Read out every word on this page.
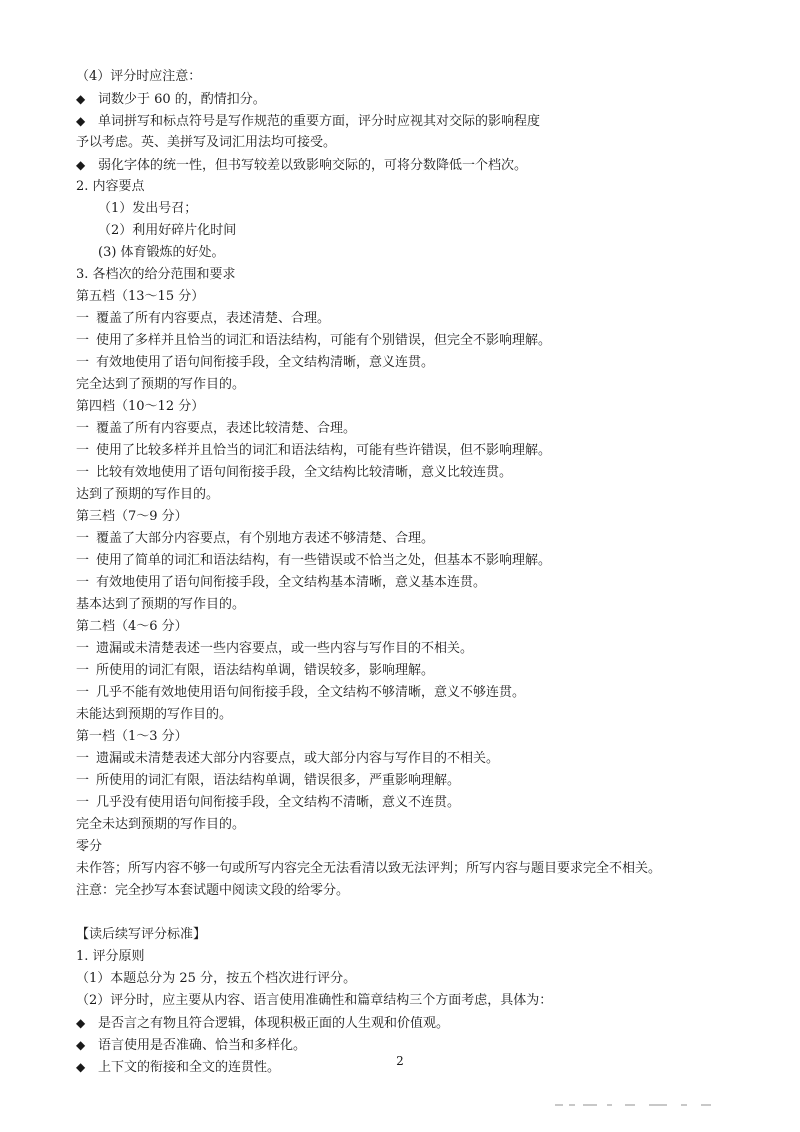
（4）评分时应注意：
◆ 词数少于 60 的，酌情扣分。
◆ 单词拼写和标点符号是写作规范的重要方面，评分时应视其对交际的影响程度
予以考虑。英、美拼写及词汇用法均可接受。
◆ 弱化字体的统一性，但书写较差以致影响交际的，可将分数降低一个档次。
2. 内容要点
（1）发出号召；
（2）利用好碎片化时间
(3) 体育锻炼的好处。
3. 各档次的给分范围和要求
第五档（13～15 分）
一 覆盖了所有内容要点，表述清楚、合理。
一 使用了多样并且恰当的词汇和语法结构，可能有个别错误，但完全不影响理解。
一 有效地使用了语句间衔接手段，全文结构清晰，意义连贯。
完全达到了预期的写作目的。
第四档（10～12 分）
一 覆盖了所有内容要点，表述比较清楚、合理。
一 使用了比较多样并且恰当的词汇和语法结构，可能有些许错误，但不影响理解。
一 比较有效地使用了语句间衔接手段，全文结构比较清晰，意义比较连贯。
达到了预期的写作目的。
第三档（7～9 分）
一 覆盖了大部分内容要点，有个别地方表述不够清楚、合理。
一 使用了简单的词汇和语法结构，有一些错误或不恰当之处，但基本不影响理解。
一 有效地使用了语句间衔接手段，全文结构基本清晰，意义基本连贯。
基本达到了预期的写作目的。
第二档（4～6 分）
一 遗漏或未清楚表述一些内容要点，或一些内容与写作目的不相关。
一 所使用的词汇有限，语法结构单调，错误较多，影响理解。
一 几乎不能有效地使用语句间衔接手段，全文结构不够清晰，意义不够连贯。
未能达到预期的写作目的。
第一档（1～3 分）
一 遗漏或未清楚表述大部分内容要点，或大部分内容与写作目的不相关。
一 所使用的词汇有限，语法结构单调，错误很多，严重影响理解。
一 几乎没有使用语句间衔接手段，全文结构不清晰，意义不连贯。
完全未达到预期的写作目的。
零分
未作答；所写内容不够一句或所写内容完全无法看清以致无法评判；所写内容与题目要求完全不相关。
注意：完全抄写本套试题中阅读文段的给零分。
【读后续写评分标准】
1. 评分原则
（1）本题总分为 25 分，按五个档次进行评分。
（2）评分时，应主要从内容、语言使用准确性和篇章结构三个方面考虑，具体为：
◆ 是否言之有物且符合逻辑，体现积极正面的人生观和价值观。
◆ 语言使用是否准确、恰当和多样化。
◆ 上下文的衔接和全文的连贯性。	2
